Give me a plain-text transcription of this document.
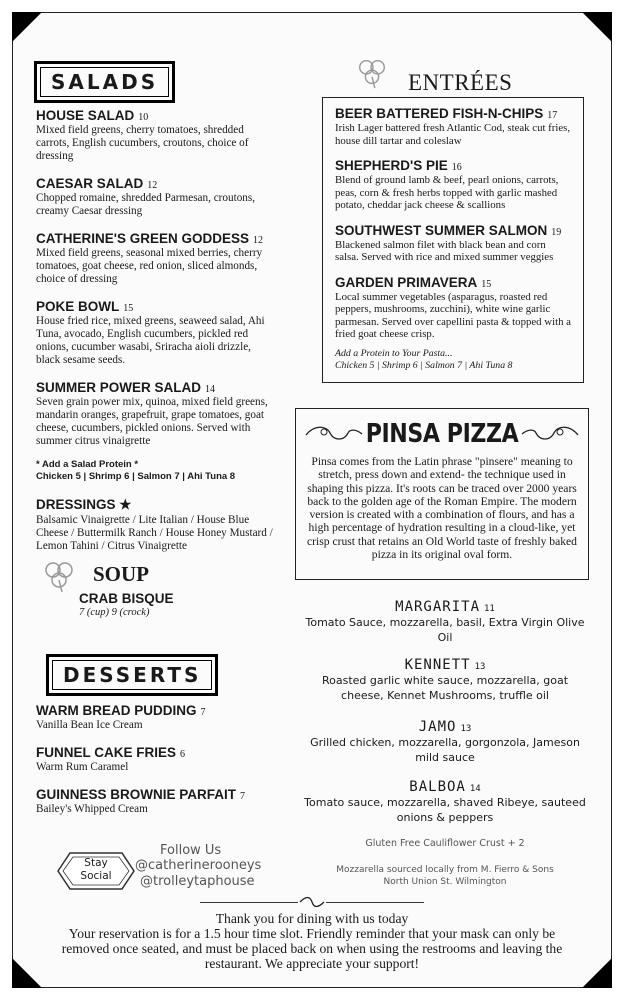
SALADS
HOUSE SALAD 10
Mixed field greens, cherry tomatoes, shredded carrots, English cucumbers, croutons, choice of dressing
CAESAR SALAD 12
Chopped romaine, shredded Parmesan, croutons, creamy Caesar dressing
CATHERINE'S GREEN GODDESS 12
Mixed field greens, seasonal mixed berries, cherry tomatoes, goat cheese, red onion, sliced almonds, choice of dressing
POKE BOWL 15
House fried rice, mixed greens, seaweed salad, Ahi Tuna, avocado, English cucumbers, pickled red onions, cucumber wasabi, Sriracha aioli drizzle, black sesame seeds.
SUMMER POWER SALAD 14
Seven grain power mix, quinoa, mixed field greens, mandarin oranges, grapefruit, grape tomatoes, goat cheese, cucumbers, pickled onions. Served with summer citrus vinaigrette
* Add a Salad Protein *
Chicken 5 | Shrimp 6 | Salmon 7 | Ahi Tuna 8
DRESSINGS ★
Balsamic Vinaigrette / Lite Italian / House Blue Cheese / Buttermilk Ranch / House Honey Mustard / Lemon Tahini / Citrus Vinaigrette
SOUP
CRAB BISQUE
7 (cup) 9 (crock)
DESSERTS
WARM BREAD PUDDING 7
Vanilla Bean Ice Cream
FUNNEL CAKE FRIES 6
Warm Rum Caramel
GUINNESS BROWNIE PARFAIT 7
Bailey's Whipped Cream
ENTRÉES
BEER BATTERED FISH-N-CHIPS 17
Irish Lager battered fresh Atlantic Cod, steak cut fries, house dill tartar and coleslaw
SHEPHERD'S PIE 16
Blend of ground lamb & beef, pearl onions, carrots, peas, corn & fresh herbs topped with garlic mashed potato, cheddar jack cheese & scallions
SOUTHWEST SUMMER SALMON 19
Blackened salmon filet with black bean and corn salsa. Served with rice and mixed summer veggies
GARDEN PRIMAVERA 15
Local summer vegetables (asparagus, roasted red peppers, mushrooms, zucchini), white wine garlic parmesan. Served over capellini pasta & topped with a fried goat cheese crisp.
Add a Protein to Your Pasta...
Chicken 5 | Shrimp 6 | Salmon 7 | Ahi Tuna 8
PINSA PIZZA
Pinsa comes from the Latin phrase "pinsere" meaning to stretch, press down and extend- the technique used in shaping this pizza. It's roots can be traced over 2000 years back to the golden age of the Roman Empire. The modern version is created with a combination of flours, and has a high percentage of hydration resulting in a cloud-like, yet crisp crust that retains an Old World taste of freshly baked pizza in its original oval form.
MARGARITA 11
Tomato Sauce, mozzarella, basil, Extra Virgin Olive Oil
KENNETT 13
Roasted garlic white sauce, mozzarella, goat cheese, Kennet Mushrooms, truffle oil
JAMO 13
Grilled chicken, mozzarella, gorgonzola, Jameson mild sauce
BALBOA 14
Tomato sauce, mozzarella, shaved Ribeye, sauteed onions & peppers
Gluten Free Cauliflower Crust + 2
Mozzarella sourced locally from M. Fierro & Sons
North Union St. Wilmington
Stay
Social
Follow Us
@catherinerooneys
@trolleytaphouse
Thank you for dining with us today
Your reservation is for a 1.5 hour time slot. Friendly reminder that your mask can only be removed once seated, and must be placed back on when using the restrooms and leaving the restaurant. We appreciate your support!
